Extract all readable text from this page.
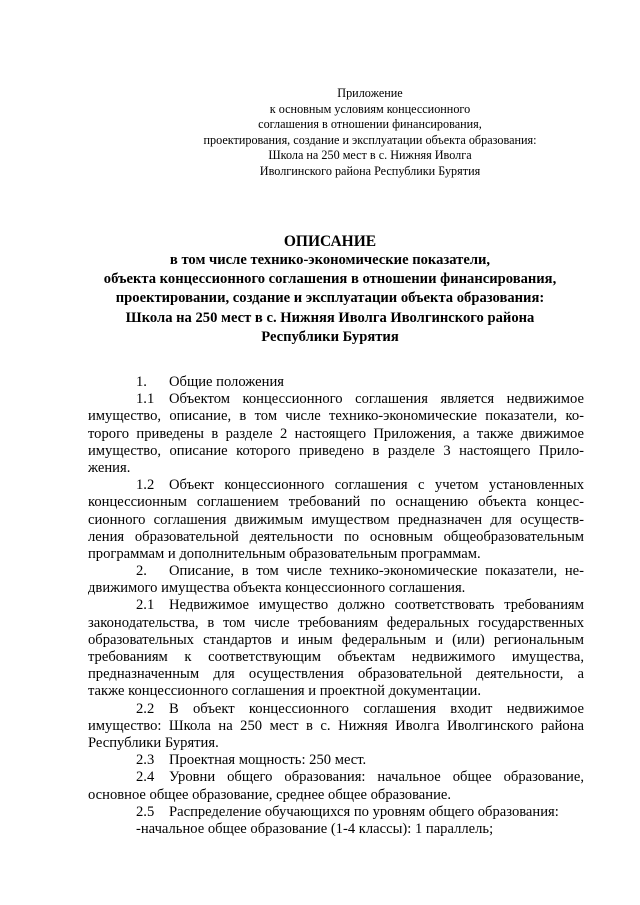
Приложение
к основным условиям концессионного
соглашения в отношении финансирования,
проектирования, создание и эксплуатации объекта образования:
Школа на 250 мест в с. Нижняя Иволга
Иволгинского района Республики Бурятия
ОПИСАНИЕ
в том числе технико-экономические показатели,
объекта концессионного соглашения в отношении финансирования,
проектировании, создание и эксплуатации объекта образования:
Школа на 250 мест в с. Нижняя Иволга Иволгинского района
Республики Бурятия
1. Общие положения
1.1 Объектом концессионного соглашения является недвижимое
имущество, описание, в том числе технико-экономические показатели, ко-
торого приведены в разделе 2 настоящего Приложения, а также движимое
имущество, описание которого приведено в разделе 3 настоящего Прило-
жения.
1.2 Объект концессионного соглашения с учетом установленных
концессионным соглашением требований по оснащению объекта концес-
сионного соглашения движимым имуществом предназначен для осуществ-
ления образовательной деятельности по основным общеобразовательным
программам и дополнительным образовательным программам.
2. Описание, в том числе технико-экономические показатели, не-
движимого имущества объекта концессионного соглашения.
2.1 Недвижимое имущество должно соответствовать требованиям
законодательства, в том числе требованиям федеральных государственных
образовательных стандартов и иным федеральным и (или) региональным
требованиям к соответствующим объектам недвижимого имущества,
предназначенным для осуществления образовательной деятельности, а
также концессионного соглашения и проектной документации.
2.2 В объект концессионного соглашения входит недвижимое
имущество: Школа на 250 мест в с. Нижняя Иволга Иволгинского района
Республики Бурятия.
2.3 Проектная мощность: 250 мест.
2.4 Уровни общего образования: начальное общее образование,
основное общее образование, среднее общее образование.
2.5 Распределение обучающихся по уровням общего образования:
-начальное общее образование (1-4 классы): 1 параллель;
